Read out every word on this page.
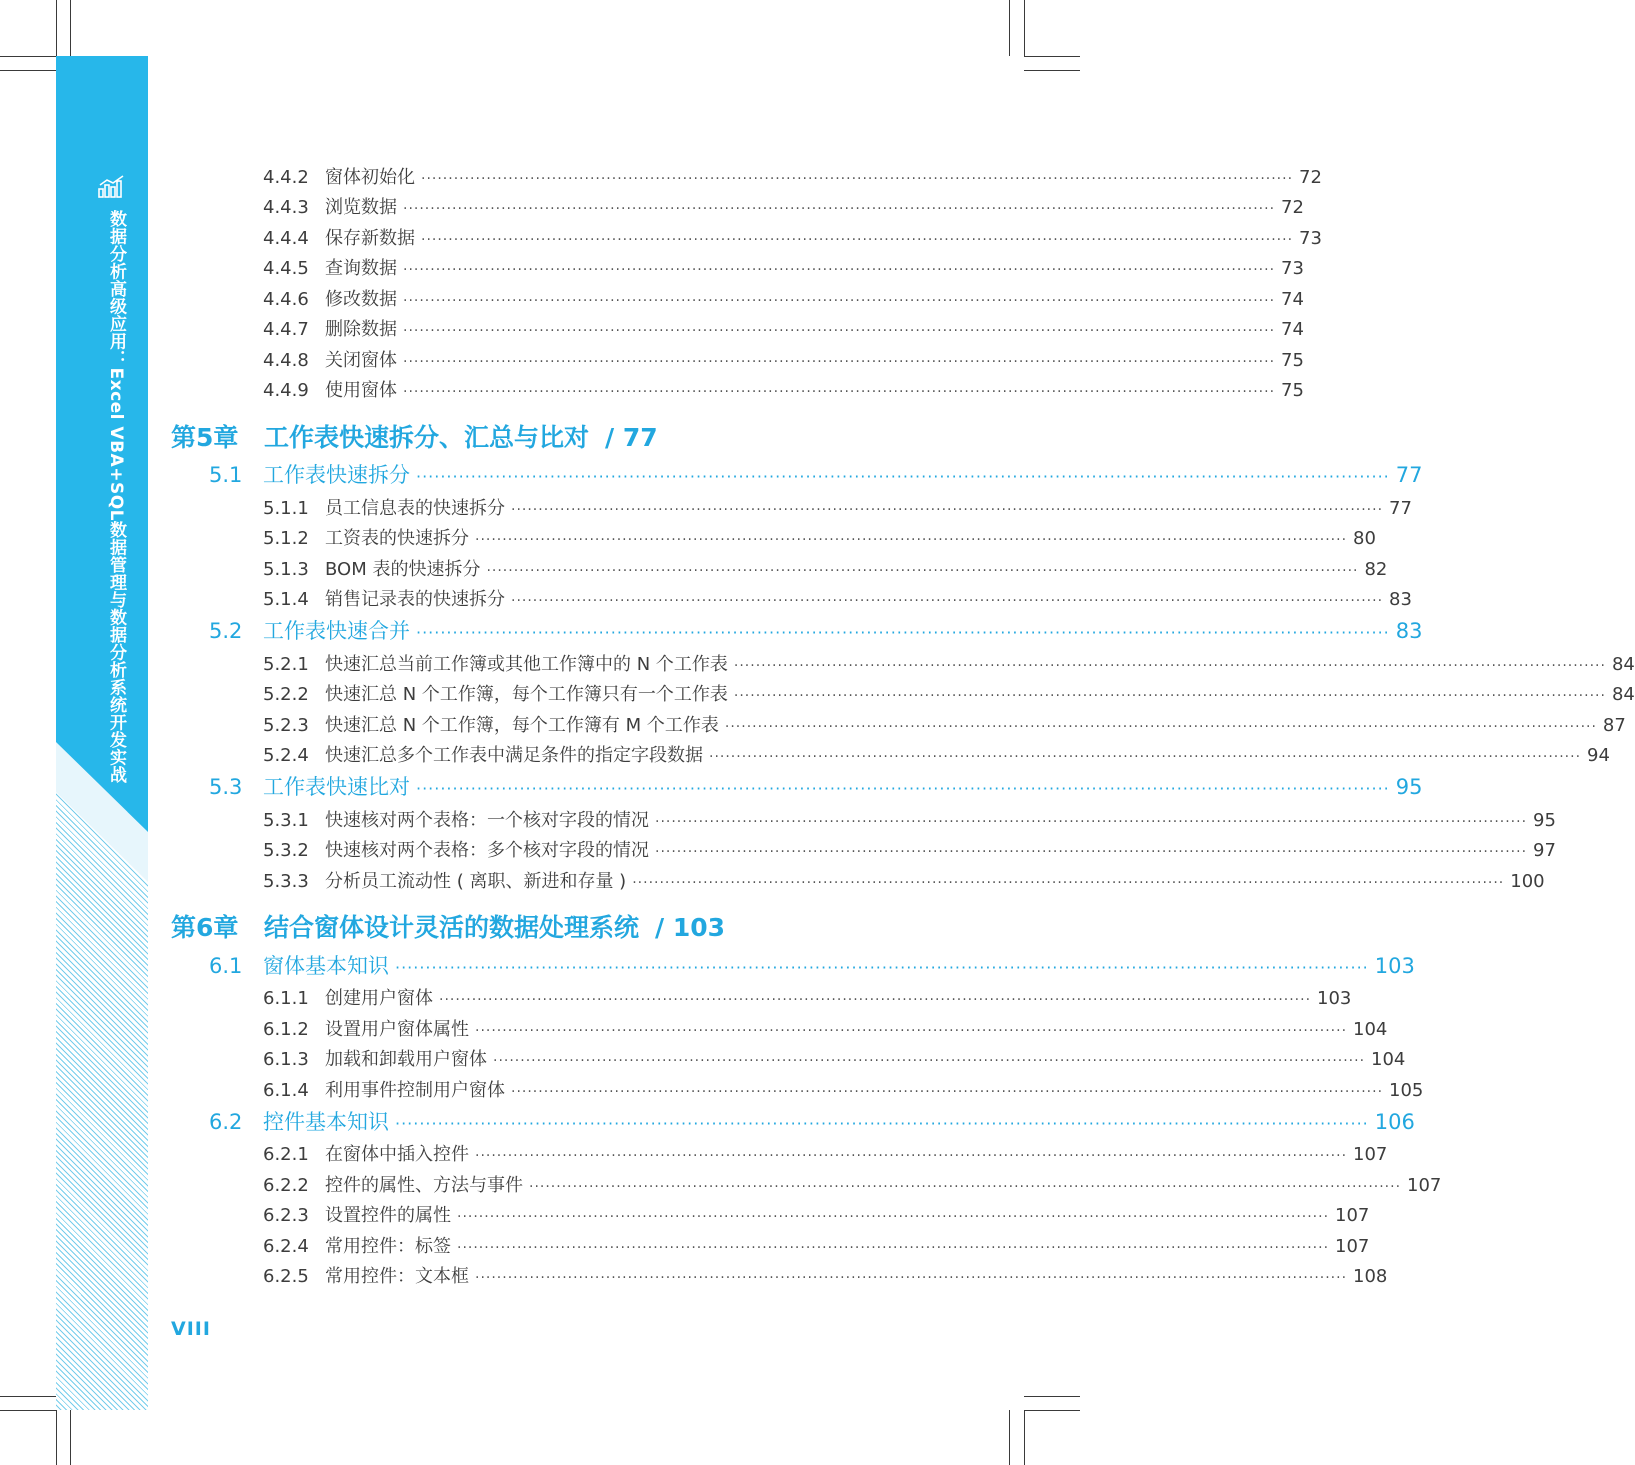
数据分析高级应用：Excel VBA+SQL数据管理与数据分析系统开发实战
4.4.2 窗体初始化 ································································································································································ 72
4.4.3 浏览数据 ································································································································································ 72
4.4.4 保存新数据 ································································································································································ 73
4.4.5 查询数据 ································································································································································ 73
4.4.6 修改数据 ································································································································································ 74
4.4.7 删除数据 ································································································································································ 74
4.4.8 关闭窗体 ································································································································································ 75
4.4.9 使用窗体 ································································································································································ 75
第5章 工作表快速拆分、汇总与比对 / 77
5.1 工作表快速拆分 ································································································································································ 77
5.1.1 员工信息表的快速拆分 ································································································································································ 77
5.1.2 工资表的快速拆分 ································································································································································ 80
5.1.3 BOM 表的快速拆分 ································································································································································ 82
5.1.4 销售记录表的快速拆分 ································································································································································ 83
5.2 工作表快速合并 ································································································································································ 83
5.2.1 快速汇总当前工作簿或其他工作簿中的 N 个工作表 ································································································································································ 84
5.2.2 快速汇总 N 个工作簿，每个工作簿只有一个工作表 ································································································································································ 84
5.2.3 快速汇总 N 个工作簿，每个工作簿有 M 个工作表 ································································································································································ 87
5.2.4 快速汇总多个工作表中满足条件的指定字段数据 ································································································································································ 94
5.3 工作表快速比对 ································································································································································ 95
5.3.1 快速核对两个表格：一个核对字段的情况 ································································································································································ 95
5.3.2 快速核对两个表格：多个核对字段的情况 ································································································································································ 97
5.3.3 分析员工流动性 ( 离职、新进和存量 ) ································································································································································ 100
第6章 结合窗体设计灵活的数据处理系统 / 103
6.1 窗体基本知识 ································································································································································ 103
6.1.1 创建用户窗体 ································································································································································ 103
6.1.2 设置用户窗体属性 ································································································································································ 104
6.1.3 加载和卸载用户窗体 ································································································································································ 104
6.1.4 利用事件控制用户窗体 ································································································································································ 105
6.2 控件基本知识 ································································································································································ 106
6.2.1 在窗体中插入控件 ································································································································································ 107
6.2.2 控件的属性、方法与事件 ································································································································································ 107
6.2.3 设置控件的属性 ································································································································································ 107
6.2.4 常用控件：标签 ································································································································································ 107
6.2.5 常用控件：文本框 ································································································································································ 108
VIII
